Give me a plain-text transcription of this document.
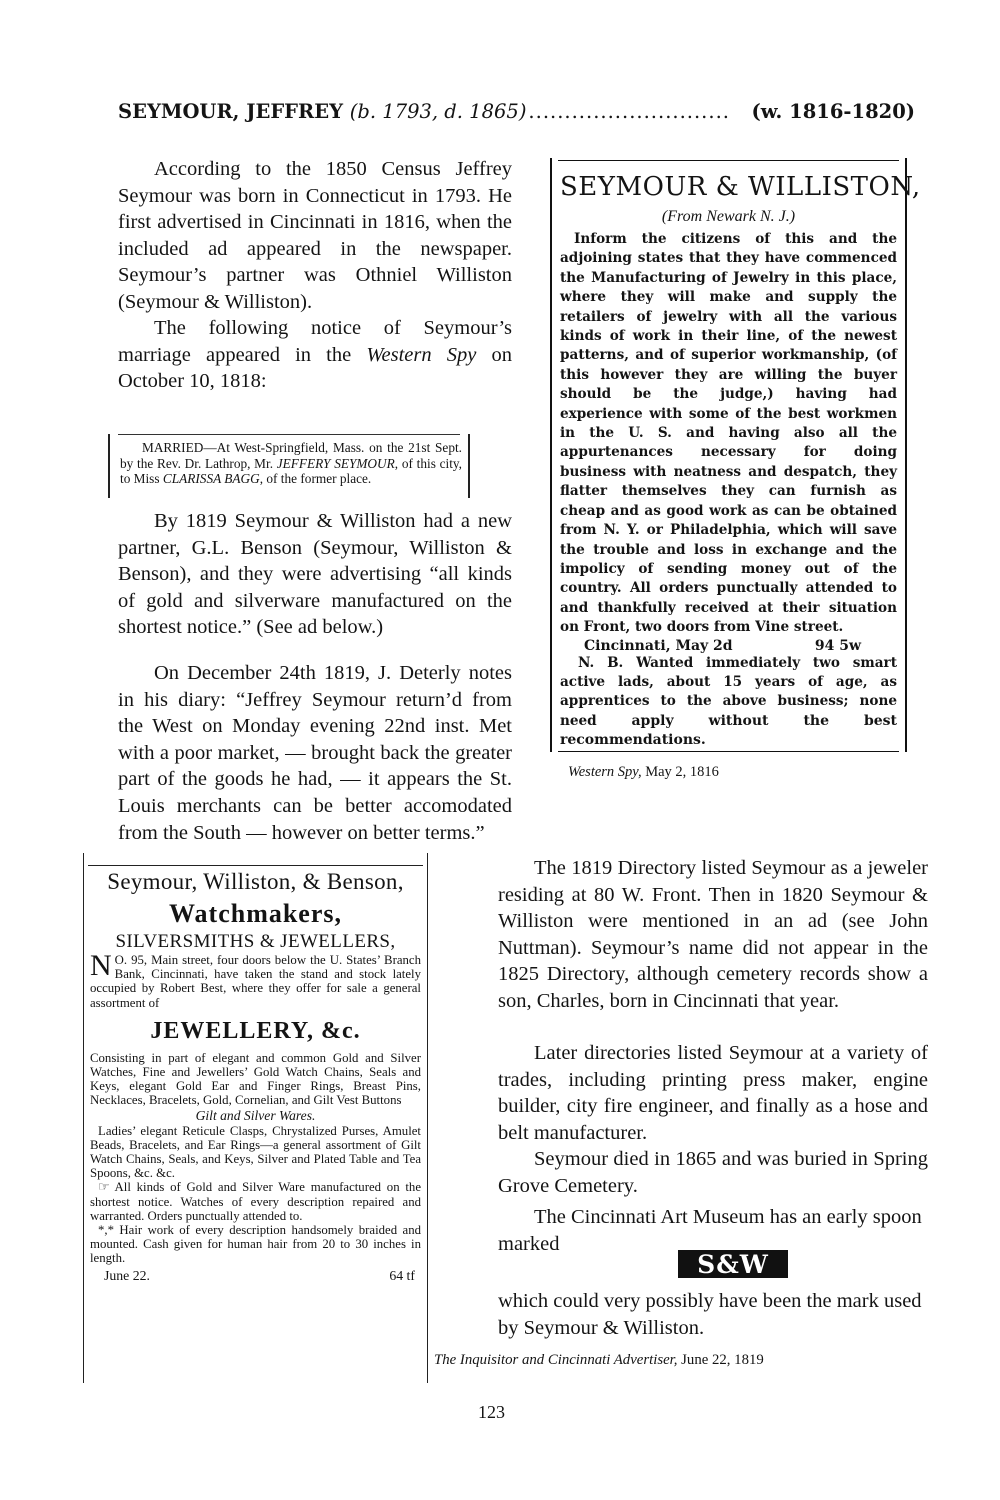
SEYMOUR, JEFFREY
(b. 1793, d. 1865) ............................	(w. 1816-1820)

According to the 1850 Census Jeffrey Seymour was born in Connecticut in 1793. He first advertised in Cincinnati in 1816, when the included ad appeared in the newspaper. Seymour’s partner was Othniel Williston (Seymour & Williston).

The following notice of Seymour’s marriage appeared in the Western Spy on October 10, 1818:

MARRIED—At West-Springfield, Mass. on the 21st Sept. by the Rev. Dr. Lathrop, Mr. JEFFERY SEYMOUR, of this city, to Miss CLARISSA BAGG, of the former place.

By 1819 Seymour & Williston had a new partner, G.L. Benson (Seymour, Williston & Benson), and they were advertising “all kinds of gold and silverware manufactured on the shortest notice.” (See ad below.)

On December 24th 1819, J. Deterly notes in his diary: “Jeffrey Seymour return’d from the West on Monday evening 22nd inst. Met with a poor market, — brought back the greater part of the goods he had, — it appears the St. Louis merchants can be better accomodated from the South — however on better terms.”

SEYMOUR & WILLISTON,
(From Newark N. J.)
Inform the citizens of this and the adjoining states that they have commenced the Manufacturing of Jewelry in this place, where they will make and supply the retailers of jewelry with all the various kinds of work in their line, of the newest patterns, and of superior workmanship, (of this however they are willing the buyer should be the judge,) having had experience with some of the best workmen in the U. S. and having also all the appurtenances necessary for doing business with neatness and despatch, they flatter themselves they can furnish as cheap and as good work as can be obtained from N. Y. or Philadelphia, which will save the trouble and loss in exchange and the impolicy of sending money out of the country. All orders punctually attended to and thankfully received at their situation on Front, two doors from Vine street.
Cincinnati, May 2d	94 5w
N. B. Wanted immediately two smart active lads, about 15 years of age, as apprentices to the above business; none need apply without the best recommendations.
Western Spy, May 2, 1816

The 1819 Directory listed Seymour as a jeweler residing at 80 W. Front. Then in 1820 Seymour & Williston were mentioned in an ad (see John Nuttman). Seymour’s name did not appear in the 1825 Directory, although cemetery records show a son, Charles, born in Cincinnati that year.

Later directories listed Seymour at a variety of trades, including printing press maker, engine builder, city fire engineer, and finally as a hose and belt manufacturer.

Seymour died in 1865 and was buried in Spring Grove Cemetery.

The Cincinnati Art Museum has an early spoon marked

S&W

which could very possibly have been the mark used by Seymour & Williston.

Seymour, Williston, & Benson,
Watchmakers,
SILVERSMITHS & JEWELLERS,

NO. 95, Main street, four doors below the U. States’ Branch Bank, Cincinnati, have taken the stand and stock lately occupied by Robert Best, where they offer for sale a general assortment of

JEWELLERY, &c.

Consisting in part of elegant and common Gold and Silver Watches, Fine and Jewellers’ Gold Watch Chains, Seals and Keys, elegant Gold Ear and Finger Rings, Breast Pins, Necklaces, Bracelets, Gold, Cornelian, and Gilt Vest Buttons

Gilt and Silver Wares.

Ladies’ elegant Reticule Clasps, Chrystalized Purses, Amulet Beads, Bracelets, and Ear Rings—a general assortment of Gilt Watch Chains, Seals, and Keys, Silver and Plated Table and Tea Spoons, &c. &c.

☞ All kinds of Gold and Silver Ware manufactured on the shortest notice. Watches of every description repaired and warranted. Orders punctually attended to.

*,* Hair work of every description handsomely braided and mounted. Cash given for human hair from 20 to 30 inches in length.

June 22.	64 tf
The Inquisitor and Cincinnati Advertiser, June 22, 1819
123
